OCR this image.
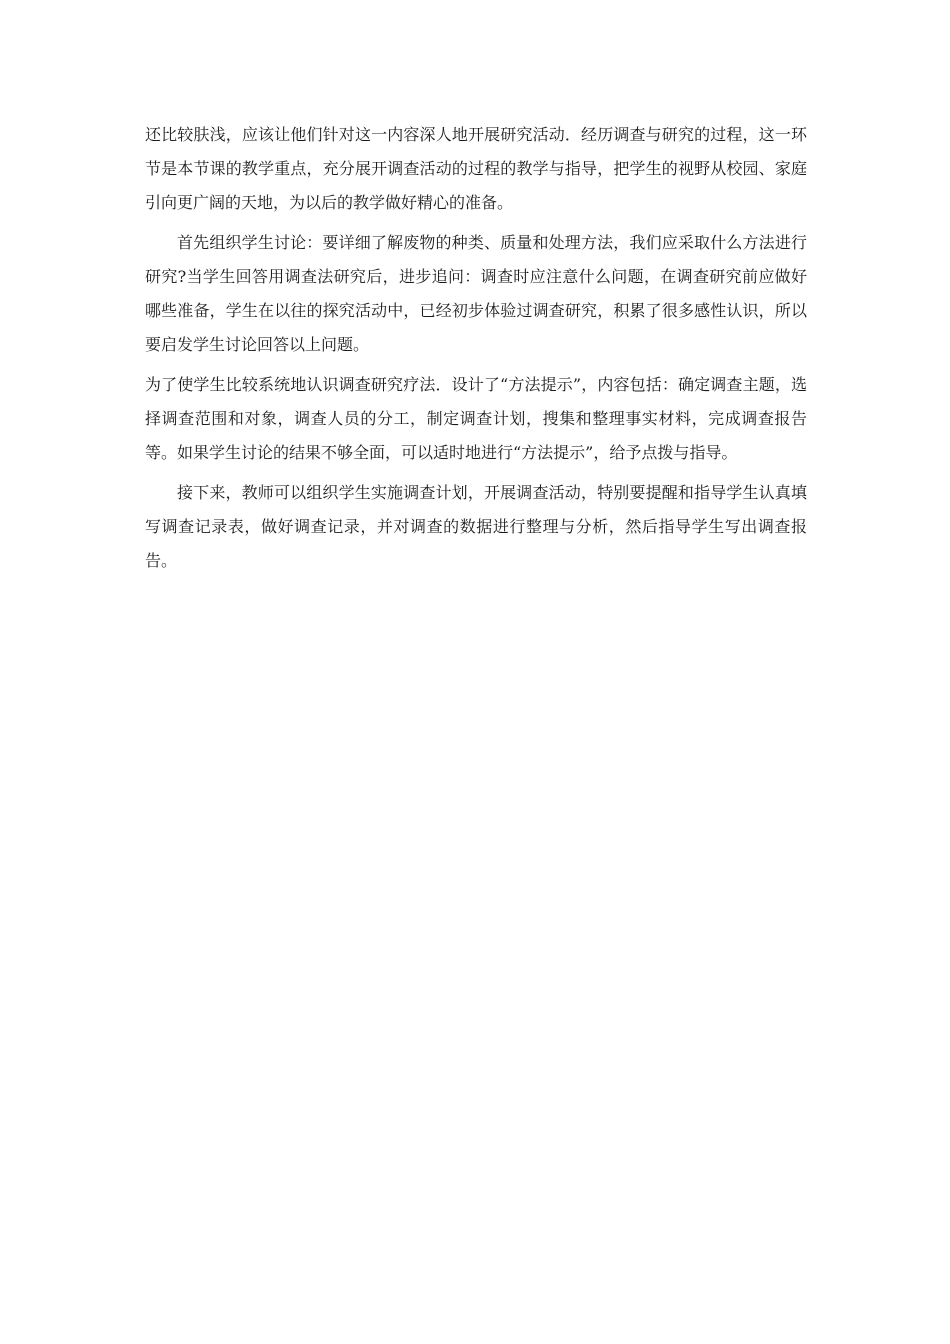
还比较肤浅，应该让他们针对这一内容深人地开展研究活动．经历调查与研究的过程，这一环节是本节课的教学重点，充分展开调查活动的过程的教学与指导，把学生的视野从校园、家庭引向更广阔的天地，为以后的教学做好精心的准备。

首先组织学生讨论：要详细了解废物的种类、质量和处理方法，我们应采取什么方法进行研究?当学生回答用调查法研究后，进步追问：调查时应注意什么问题，在调查研究前应做好哪些准备，学生在以往的探究活动中，已经初步体验过调查研究，积累了很多感性认识，所以要启发学生讨论回答以上问题。

为了使学生比较系统地认识调查研究疗法．设计了“方法提示”，内容包括：确定调查主题，选择调查范围和对象，调查人员的分工，制定调查计划，搜集和整理事实材料，完成调查报告等。如果学生讨论的结果不够全面，可以适时地进行“方法提示”，给予点拨与指导。

接下来，教师可以组织学生实施调查计划，开展调查活动，特别要提醒和指导学生认真填写调查记录表，做好调查记录，并对调查的数据进行整理与分析，然后指导学生写出调查报告。
